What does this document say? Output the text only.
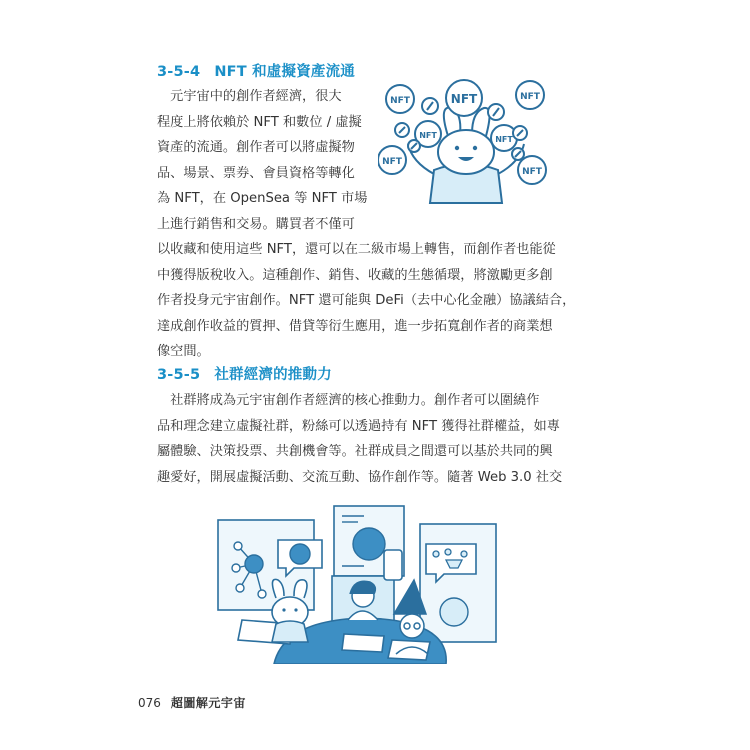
3-5-4 NFT 和虛擬資產流通
　元宇宙中的創作者經濟，很大
程度上將依賴於 NFT 和數位 / 虛擬
資產的流通。創作者可以將虛擬物
品、場景、票券、會員資格等轉化
為 NFT，在 OpenSea 等 NFT 市場
上進行銷售和交易。購買者不僅可
以收藏和使用這些 NFT，還可以在二級市場上轉售，而創作者也能從
中獲得版稅收入。這種創作、銷售、收藏的生態循環，將激勵更多創
作者投身元宇宙創作。NFT 還可能與 DeFi（去中心化金融）協議結合，
達成創作收益的質押、借貸等衍生應用，進一步拓寬創作者的商業想
像空間。
NFT	NFT	NFT
NFT	NFT
NFT
NFT
3-5-5 社群經濟的推動力
　社群將成為元宇宙創作者經濟的核心推動力。創作者可以圍繞作
品和理念建立虛擬社群，粉絲可以透過持有 NFT 獲得社群權益，如專
屬體驗、決策投票、共創機會等。社群成員之間還可以基於共同的興
趣愛好，開展虛擬活動、交流互動、協作創作等。隨著 Web 3.0 社交
076 超圖解元宇宙
